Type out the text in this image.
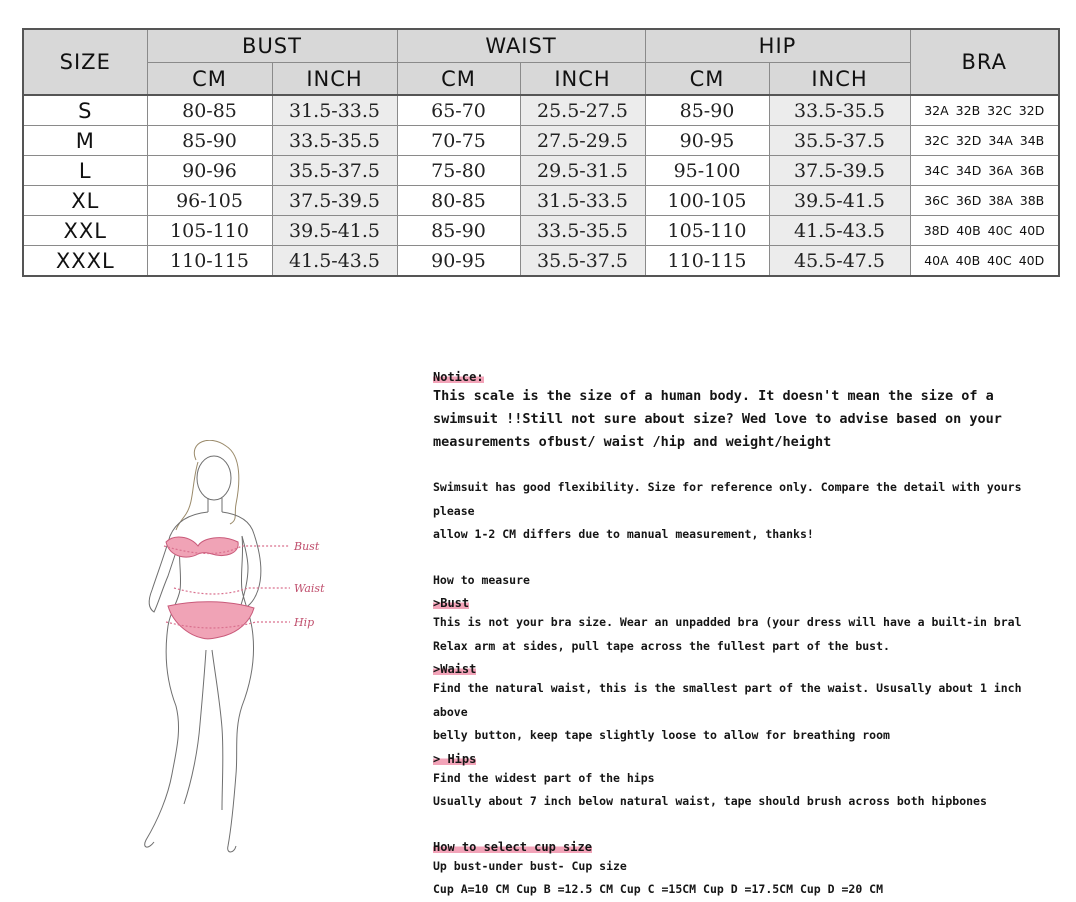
SIZE	BUST		WAIST		HIP		BRA
	CM	INCH	CM	INCH	CM	INCH	
S	80-85	31.5-33.5	65-70	25.5-27.5	85-90	33.5-35.5	32A 32B 32C 32D
M	85-90	33.5-35.5	70-75	27.5-29.5	90-95	35.5-37.5	32C 32D 34A 34B
L	90-96	35.5-37.5	75-80	29.5-31.5	95-100	37.5-39.5	34C 34D 36A 36B
XL	96-105	37.5-39.5	80-85	31.5-33.5	100-105	39.5-41.5	36C 36D 38A 38B
XXL	105-110	39.5-41.5	85-90	33.5-35.5	105-110	41.5-43.5	38D 40B 40C 40D
XXXL	110-115	41.5-43.5	90-95	35.5-37.5	110-115	45.5-47.5	40A 40B 40C 40D
Bust
Waist
Hip
Notice:
This scale is the size of a human body. It doesn't mean the size of a
swimsuit !!Still not sure about size? Wed love to advise based on your
measurements ofbust/ waist /hip and weight/height
Swimsuit has good flexibility. Size for reference only. Compare the detail with yours please
allow 1-2 CM differs due to manual measurement, thanks!
How to measure
>Bust
This is not your bra size. Wear an unpadded bra (your dress will have a built-in bral
Relax arm at sides, pull tape across the fullest part of the bust.
>Waist
Find the natural waist, this is the smallest part of the waist. Ususally about 1 inch above
belly button, keep tape slightly loose to allow for breathing room
> Hips
Find the widest part of the hips
Usually about 7 inch below natural waist, tape should brush across both hipbones
How to select cup size
Up bust-under bust- Cup size
Cup A=10 CM Cup B =12.5 CM Cup C =15CM Cup D =17.5CM Cup D =20 CM
